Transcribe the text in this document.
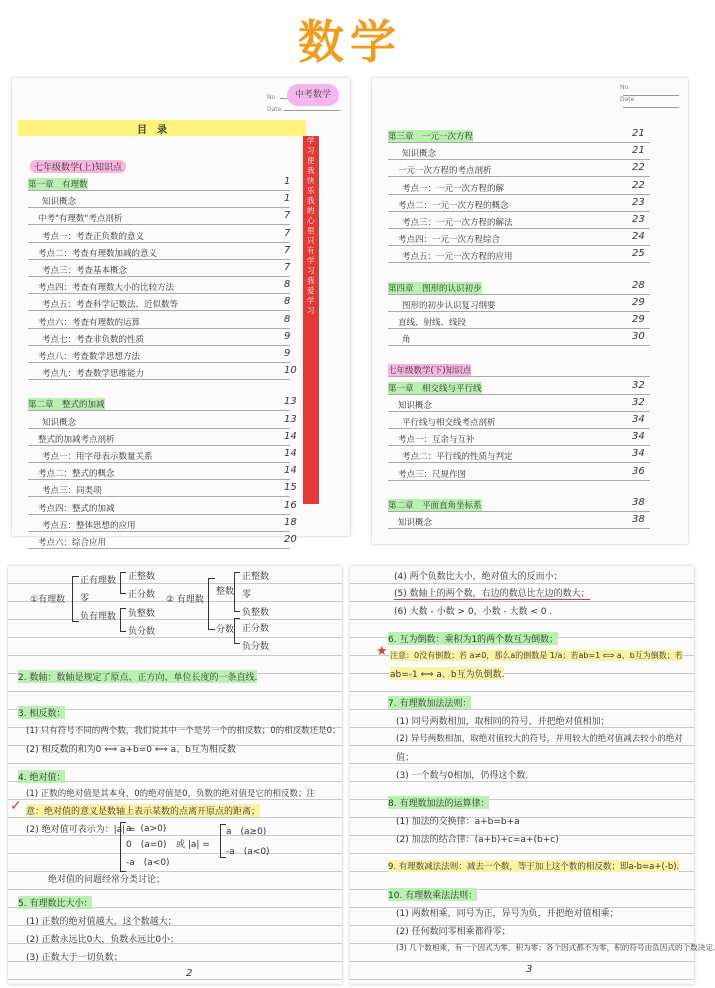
数学
No.
Date
中考数学
目　录
七年级数学(上)知识点
学习使我快乐 我的心里只有学习 我爱学习
第一章　有理数	1
知识概念	1
中考"有理数"考点剖析	7
考点一：考查正负数的意义	7
考点二：考查有理数加减的意义	7
考点三：考查基本概念	7
考点四：考查有理数大小的比较方法	8
考点五：考查科学记数法、近似数等	8
考点六：考查有理数的运算	8
考点七：考查非负数的性质	9
考点八：考查数学思想方法	9
考点九：考查数学思维能力	10
第二章　整式的加减	13
知识概念	13
整式的加减考点剖析	14
考点一：用字母表示数量关系	14
考点二：整式的概念	14
考点三：同类项	15
考点四：整式的加减	16
考点五：整体思想的应用	18
考点六：综合应用	20
No.
Date
第三章　一元一次方程	21
知识概念	21
一元一次方程的考点剖析	22
考点一：一元一次方程的解	22
考点二：一元一次方程的概念	23
考点三：一元一次方程的解法	23
考点四：一元一次方程综合	24
考点五：一元一次方程的应用	25
第四章　图形的认识初步	28
图形的初步认识复习纲要	29
直线、射线、线段	29
角	30
七年级数学(下)知识点
第一章　相交线与平行线	32
知识概念	32
平行线与相交线考点剖析	34
考点一：互余与互补	34
考点二：平行线的性质与判定	34
考点三：尺规作图	36
第二章　平面直角坐标系	38
知识概念	38
①有理数
正有理数
零
负有理数
正整数
正分数
负整数
负分数
② 有理数
整数
分数
正整数
零
负整数
正分数
负分数
2. 数轴：数轴是规定了原点、正方向、单位长度的一条直线.
3. 相反数：
(1) 只有符号不同的两个数，我们说其中一个是另一个的相反数；0的相反数还是0；
(2) 相反数的和为0 ⟺ a+b=0 ⟺ a、b互为相反数
4. 绝对值：
(1) 正数的绝对值是其本身，0的绝对值是0，负数的绝对值是它的相反数；注
意：绝对值的意义是数轴上表示某数的点离开原点的距离；
✓
(2) 绝对值可表示为：|a| =
a　(a>0)
0　(a=0)
-a　(a<0)
或 |a| =
a　(a≥0)
-a　(a<0)
绝对值的问题经常分类讨论；
5. 有理数比大小：
(1) 正数的绝对值越大，这个数越大；
(2) 正数永远比0大，负数永远比0小；
(3) 正数大于一切负数；
2
(4) 两个负数比大小，绝对值大的反而小；
(5) 数轴上的两个数，右边的数总比左边的数大；
(6) 大数 - 小数 > 0，小数 - 大数 < 0 .
6. 互为倒数：乘积为1的两个数互为倒数；
★ 注意：0没有倒数；若 a≠0，那么a的倒数是 1/a；若ab=1 ⟺ a、b互为倒数；若
ab=-1 ⟺ a、b互为负倒数.
7. 有理数加法法则：
(1) 同号两数相加，取相同的符号，并把绝对值相加；
(2) 异号两数相加，取绝对值较大的符号，并用较大的绝对值减去较小的绝对
值；
(3) 一个数与0相加，仍得这个数.
8. 有理数加法的运算律：
(1) 加法的交换律：a+b=b+a
(2) 加法的结合律：(a+b)+c=a+(b+c)
9. 有理数减法法则：减去一个数，等于加上这个数的相反数；即a-b=a+(-b).
10. 有理数乘法法则：
(1) 两数相乘，同号为正，异号为负，并把绝对值相乘；
(2) 任何数同零相乘都得零；
(3) 几个数相乘，有一个因式为零，积为零；各个因式都不为零，积的符号由负因式的个数决定.
3
